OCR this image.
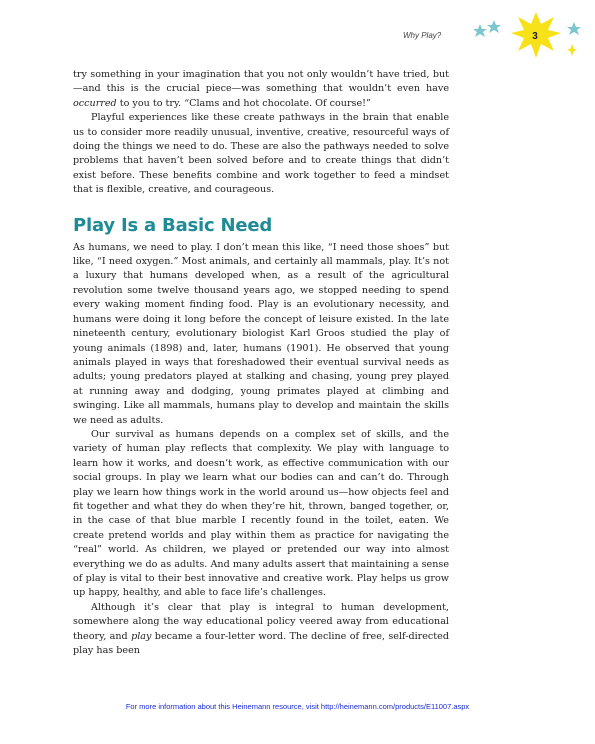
Why Play?	3

try something in your imagination that you not only wouldn’t have tried, but—and this is the crucial piece—was something that wouldn’t even have occurred to you to try. “Clams and hot chocolate. Of course!”

Playful experiences like these create pathways in the brain that enable us to consider more readily unusual, inventive, creative, resourceful ways of doing the things we need to do. These are also the pathways needed to solve problems that haven’t been solved before and to create things that didn’t exist before. These benefits combine and work together to feed a mindset that is flexible, creative, and courageous.

Play Is a Basic Need

As humans, we need to play. I don’t mean this like, “I need those shoes” but like, “I need oxygen.” Most animals, and certainly all mammals, play. It’s not a luxury that humans developed when, as a result of the agricultural revolution some twelve thousand years ago, we stopped needing to spend every waking moment finding food. Play is an evolutionary necessity, and humans were doing it long before the concept of leisure existed. In the late nineteenth century, evolutionary biologist Karl Groos studied the play of young animals (1898) and, later, humans (1901). He observed that young animals played in ways that foreshadowed their eventual survival needs as adults; young predators played at stalking and chasing, young prey played at running away and dodging, young primates played at climbing and swinging. Like all mammals, humans play to develop and maintain the skills we need as adults.

Our survival as humans depends on a complex set of skills, and the variety of human play reflects that complexity. We play with language to learn how it works, and doesn’t work, as effective communication with our social groups. In play we learn what our bodies can and can’t do. Through play we learn how things work in the world around us—how objects feel and fit together and what they do when they’re hit, thrown, banged together, or, in the case of that blue marble I recently found in the toilet, eaten. We create pretend worlds and play within them as practice for navigating the “real” world. As children, we played or pretended our way into almost everything we do as adults. And many adults assert that maintaining a sense of play is vital to their best innovative and creative work. Play helps us grow up happy, healthy, and able to face life’s challenges.

Although it’s clear that play is integral to human development, somewhere along the way educational policy veered away from educational theory, and play became a four-letter word. The decline of free, self-directed play has been

For more information about this Heinemann resource, visit http://heinemann.com/products/E11007.aspx
